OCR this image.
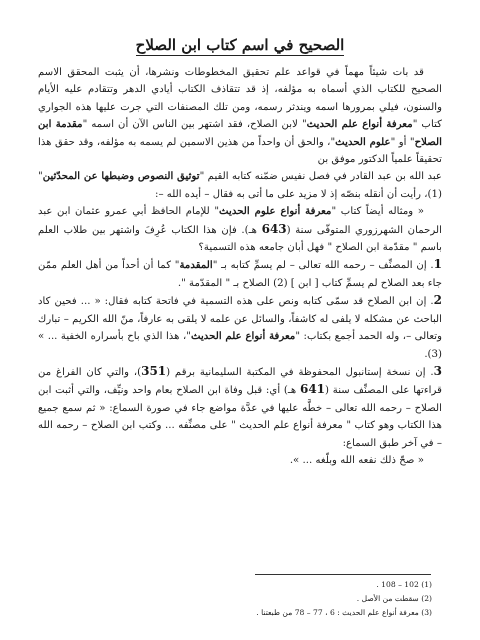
الصحيح في اسم كتاب ابن الصلاح

قد بات شيئاً مهماً في قواعد علم تحقيق المخطوطات ونشرها، أن يثبت المحقق الاسم الصحيح للكتاب الذي أسماه به مؤلفه، إذ قد تتقاذف الكتاب أيادي الدهر وتتقادم عليه الأيام والسنون، فيلي بمرورها اسمه ويندثر رسمه، ومن تلك المصنفات التي جرت عليها هذه الجواري كتاب "معرفة أنواع علم الحديث" لابن الصلاح، فقد اشتهر بين الناس الآن أن اسمه "مقدمة ابن الصلاح" أو "علوم الحديث"، والحق أن واحداً من هذين الاسمين لم يسمه به مؤلفه، وقد حقق هذا تحقيقاً علمياً الدكتور موفق بن

عبد الله بن عبد القادر في فصل نفيس ضمّنه كتابه القيم "توثيق النصوص وضبطها عن المحدّثين" (1)، رأيت أن أنقله بنصّه إذ لا مزيد على ما أتى به فقال – أيده الله –:

« ومثاله أيضاً كتاب "معرفة أنواع علوم الحديث" للإمام الحافظ أبي عمرو عثمان ابن عبد الرحمان الشهرزوري المتوفّى سنة (643 هـ). فإن هذا الكتاب عُرِفَ واشتهر بين طلاب العلم باسم " مقدّمة ابن الصلاح " فهل أبان جامعه هذه التسمية؟

1. إن المصنِّف – رحمه الله تعالى – لم يسمِّ كتابه بـ "المقدمة" كما أن أحداً من أهل العلم ممّن جاء بعد الصلاح لم يسمِّ كتاب [ ابن ] (2) الصلاح بـ " المقدّمة ".

2. إن ابن الصلاح قد سمّى كتابه ونص على هذه التسمية في فاتحة كتابه فقال: « ... فحين كاد الباحث عن مشكله لا يلفى له كاشفاً، والسائل عن علمه لا يلقى به عارفاً، منّ الله الكريم – تبارك وتعالى –، وله الحمد أجمع بكتاب: "معرفة أنواع علم الحديث"، هذا الذي باح بأسراره الخفية ... » (3).

3. إن نسخة إستانبول المحفوظة في المكتبة السليمانية برقم (351)، والتي كان الفراغ من قراءتها على المصنِّف سنة (641 هـ) أي: قبل وفاة ابن الصلاح بعام واحد ونيِّف، والتي أثبت ابن الصلاح – رحمه الله تعالى – خطَّه عليها في عدَّة مواضع جاء في صورة السماع: « ثم سمع جميع هذا الكتاب وهو كتاب " معرفة أنواع علم الحديث " على مصنِّفه ... وكتب ابن الصلاح – رحمه الله – في آخر طبق السماع:

« صحّ ذلك نفعه الله وبلّغه ... ».

(1) 102 – 108 .
(2) سقطت من الأصل .
(3) معرفة أنواع علم الحديث : 6 ، 77 – 78 من طبعتنا .
